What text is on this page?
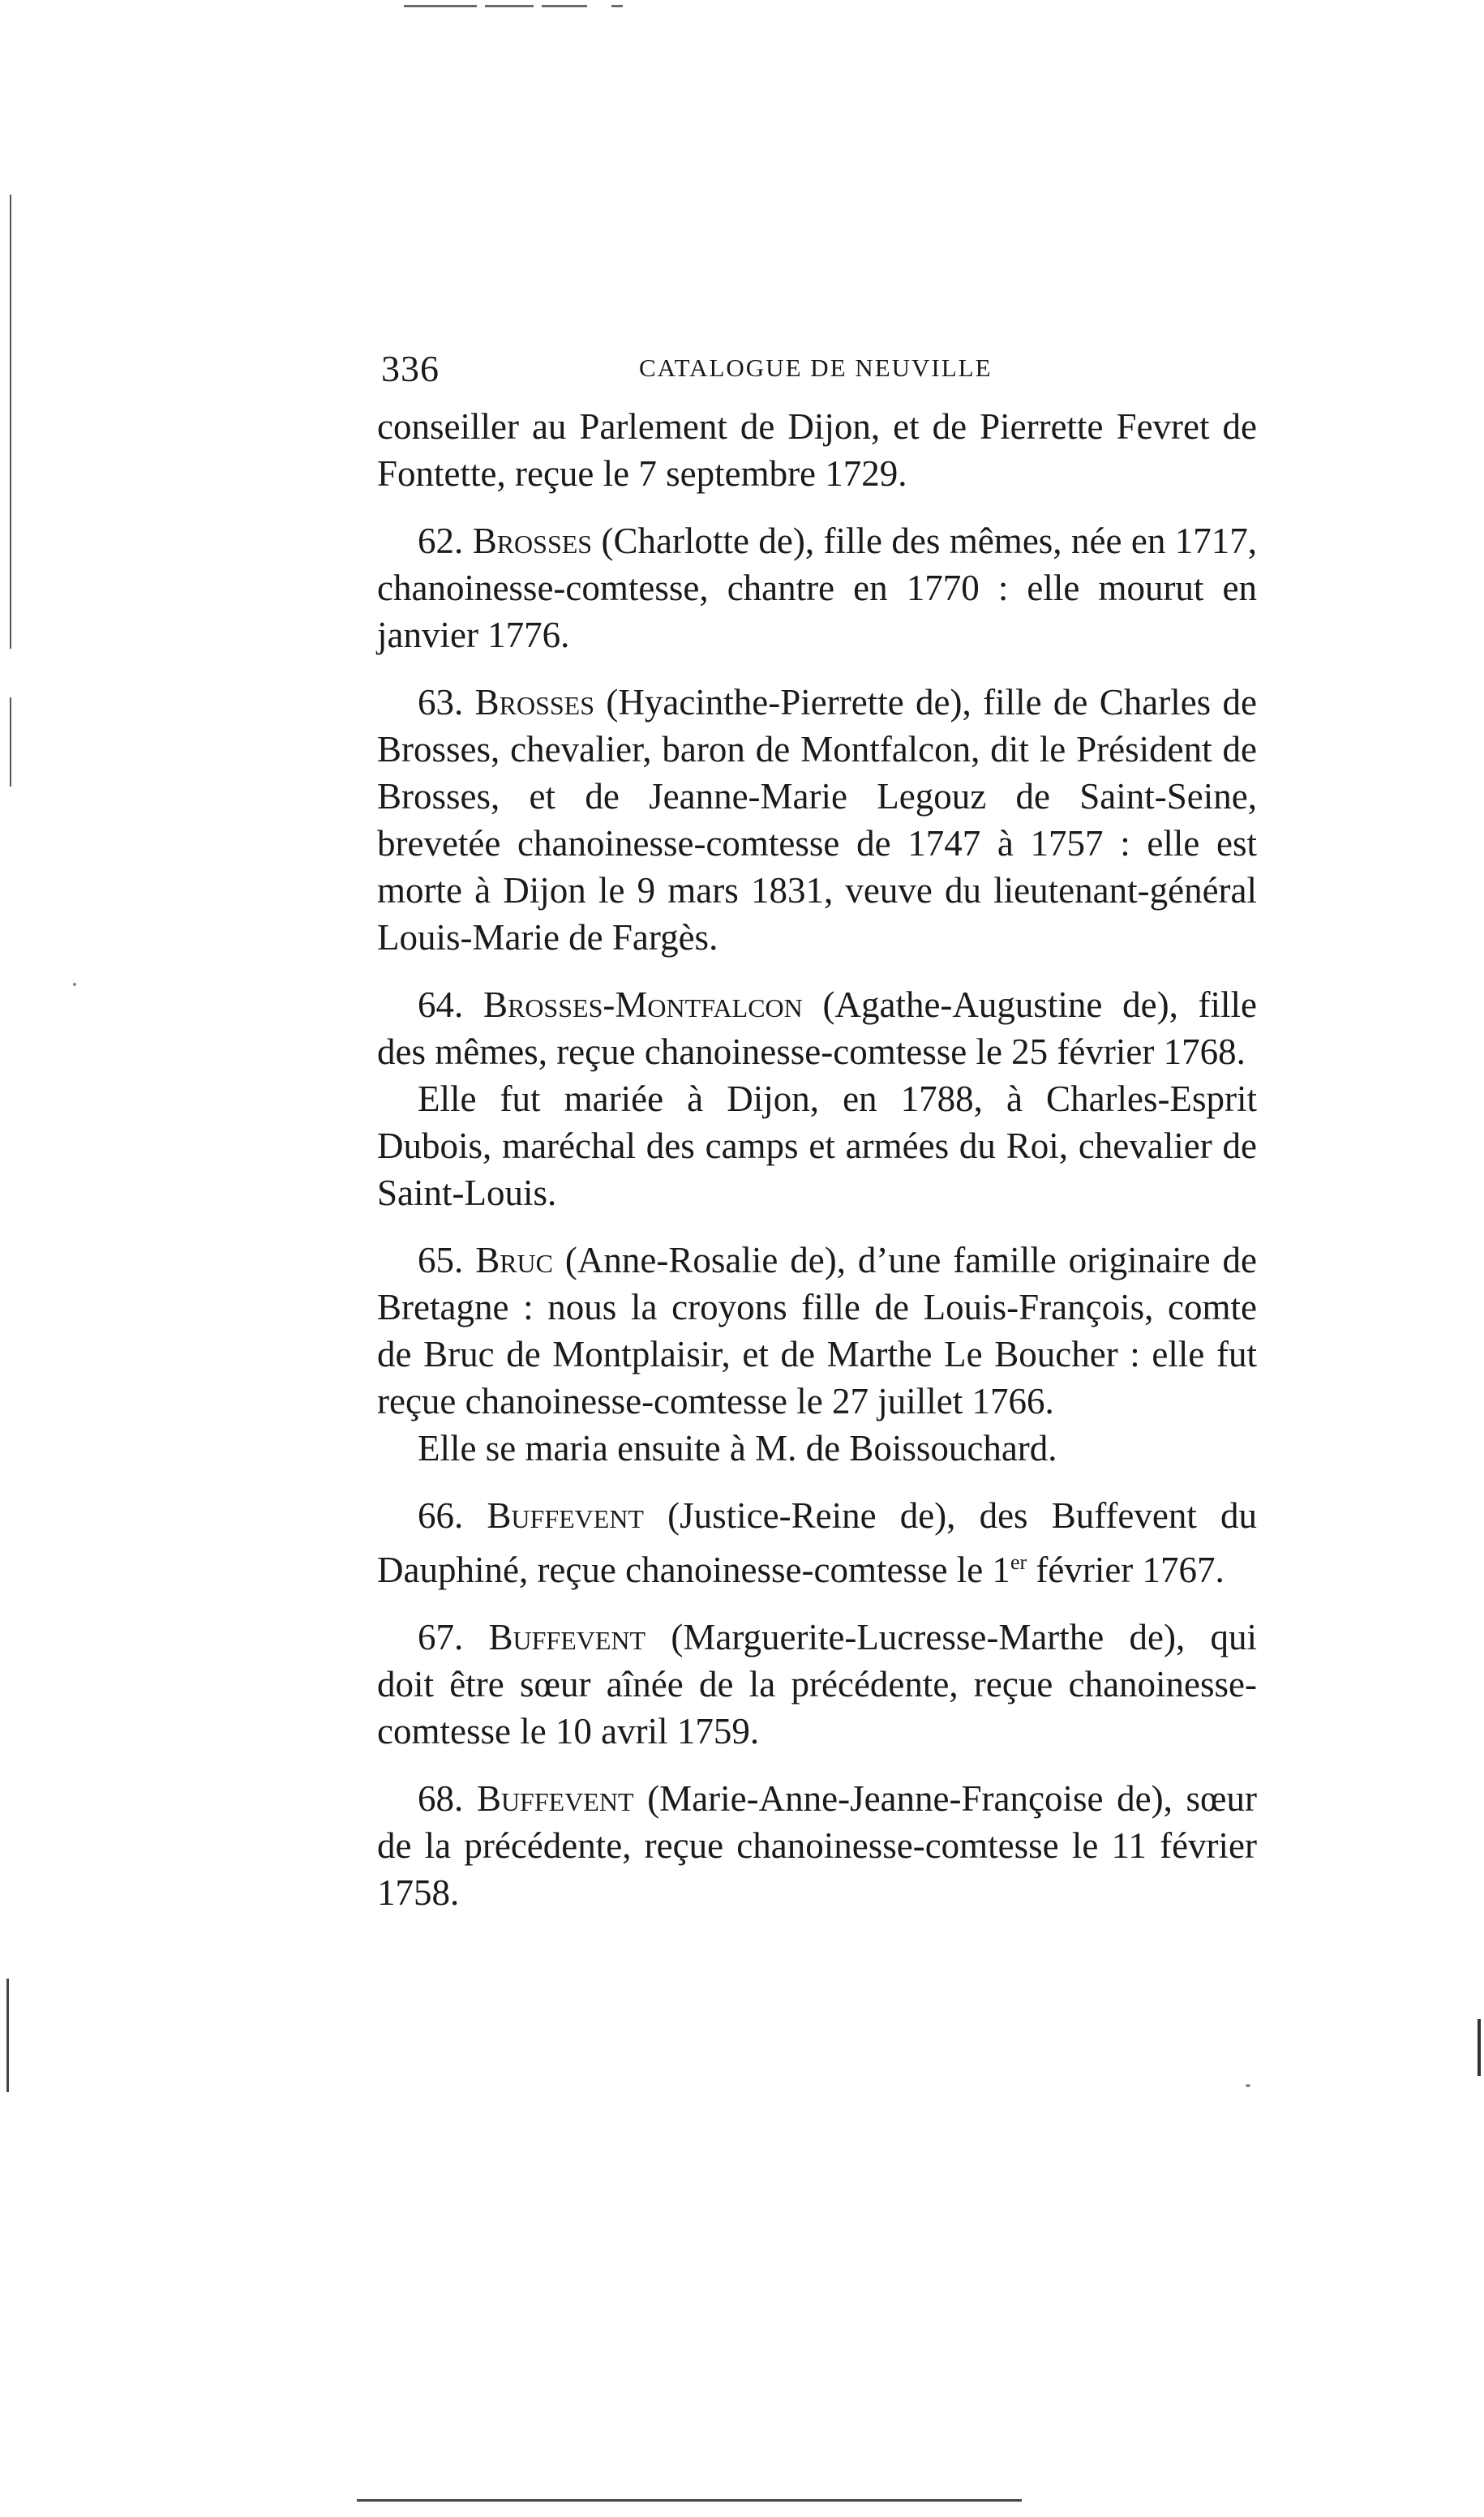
336	CATALOGUE DE NEUVILLE

conseiller au Parlement de Dijon, et de Pierrette Fevret de Fontette, reçue le 7 septembre 1729.

62. Brosses (Charlotte de), fille des mêmes, née en 1717, chanoinesse-comtesse, chantre en 1770 : elle mourut en janvier 1776.

63. Brosses (Hyacinthe-Pierrette de), fille de Charles de Brosses, chevalier, baron de Montfalcon, dit le Président de Brosses, et de Jeanne-Marie Legouz de Saint-Seine, brevetée chanoinesse-comtesse de 1747 à 1757 : elle est morte à Dijon le 9 mars 1831, veuve du lieutenant-général Louis-Marie de Fargès.

64. Brosses-Montfalcon (Agathe-Augustine de), fille des mêmes, reçue chanoinesse-comtesse le 25 février 1768.

Elle fut mariée à Dijon, en 1788, à Charles-Esprit Dubois, maréchal des camps et armées du Roi, chevalier de Saint-Louis.

65. Bruc (Anne-Rosalie de), d’une famille originaire de Bretagne : nous la croyons fille de Louis-François, comte de Bruc de Montplaisir, et de Marthe Le Boucher : elle fut reçue chanoinesse-comtesse le 27 juillet 1766.

Elle se maria ensuite à M. de Boissouchard.

66. Buffevent (Justice-Reine de), des Buffevent du Dauphiné, reçue chanoinesse-comtesse le 1er février 1767.

67. Buffevent (Marguerite-Lucresse-Marthe de), qui doit être sœur aînée de la précédente, reçue chanoinesse-comtesse le 10 avril 1759.

68. Buffevent (Marie-Anne-Jeanne-Françoise de), sœur de la précédente, reçue chanoinesse-comtesse le 11 février 1758.
